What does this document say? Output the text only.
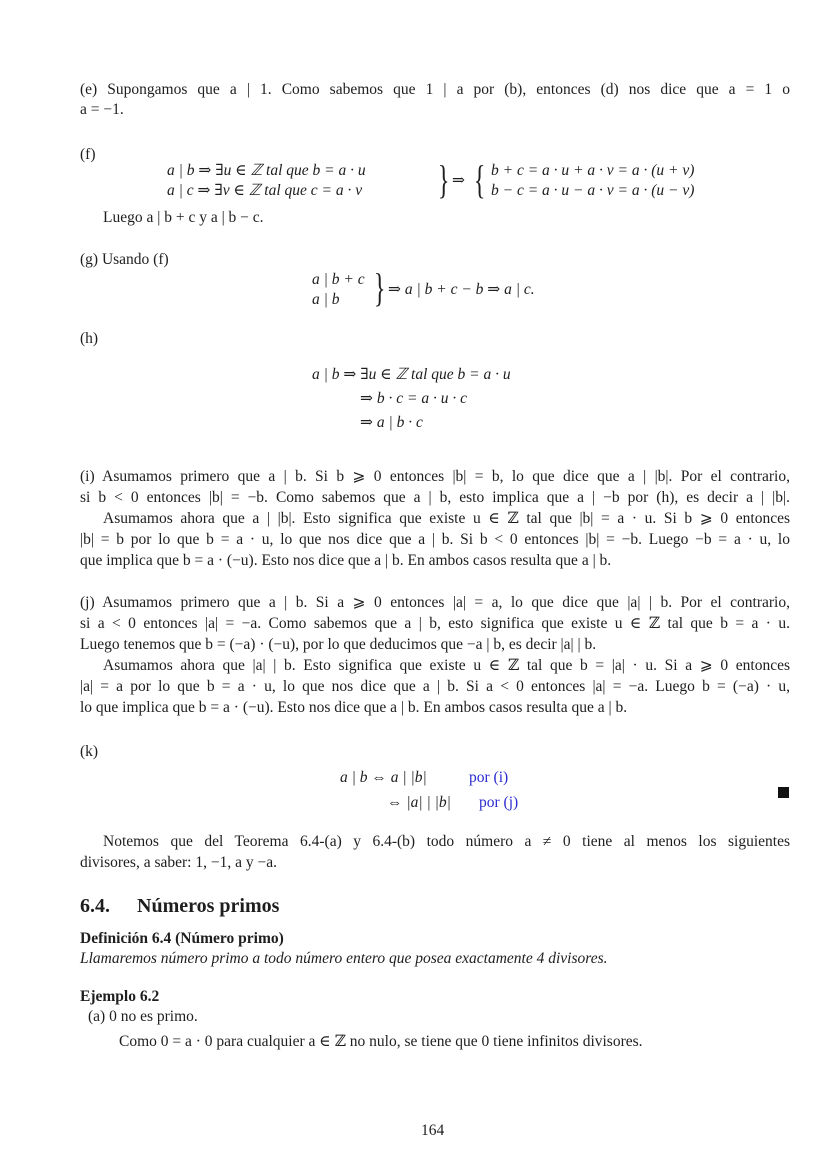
(e) Supongamos que a | 1. Como sabemos que 1 | a por (b), entonces (d) nos dice que a = 1 o
a = −1.
(f)
a | b ⇒ ∃u ∈ ℤ tal que b = a · u
a | c ⇒ ∃v ∈ ℤ tal que c = a · v } ⇒ { b + c = a · u + a · v = a · (u + v)
b − c = a · u − a · v = a · (u − v)
Luego a | b + c y a | b − c.
(g) Usando (f)
a | b + c
a | b } ⇒ a | b + c − b ⇒ a | c.
(h)
a | b ⇒ ∃u ∈ ℤ tal que b = a · u
⇒ b · c = a · u · c
⇒ a | b · c
(i) Asumamos primero que a | b. Si b ⩾ 0 entonces |b| = b, lo que dice que a | |b|. Por el contrario,
si b < 0 entonces |b| = −b. Como sabemos que a | b, esto implica que a | −b por (h), es decir a | |b|.
Asumamos ahora que a | |b|. Esto significa que existe u ∈ ℤ tal que |b| = a · u. Si b ⩾ 0 entonces
|b| = b por lo que b = a · u, lo que nos dice que a | b. Si b < 0 entonces |b| = −b. Luego −b = a · u, lo
que implica que b = a · (−u). Esto nos dice que a | b. En ambos casos resulta que a | b.
(j) Asumamos primero que a | b. Si a ⩾ 0 entonces |a| = a, lo que dice que |a| | b. Por el contrario,
si a < 0 entonces |a| = −a. Como sabemos que a | b, esto significa que existe u ∈ ℤ tal que b = a · u.
Luego tenemos que b = (−a) · (−u), por lo que deducimos que −a | b, es decir |a| | b.
Asumamos ahora que |a| | b. Esto significa que existe u ∈ ℤ tal que b = |a| · u. Si a ⩾ 0 entonces
|a| = a por lo que b = a · u, lo que nos dice que a | b. Si a < 0 entonces |a| = −a. Luego b = (−a) · u,
lo que implica que b = a · (−u). Esto nos dice que a | b. En ambos casos resulta que a | b.
(k)
a | b ⇔ a | |b|	por (i)
⇔ |a| | |b| por (j)
Notemos que del Teorema 6.4-(a) y 6.4-(b) todo número a ≠ 0 tiene al menos los siguientes
divisores, a saber: 1, −1, a y −a.
6.4. Números primos
Definición 6.4 (Número primo)
Llamaremos número primo a todo número entero que posea exactamente 4 divisores.
Ejemplo 6.2
(a) 0 no es primo.
Como 0 = a · 0 para cualquier a ∈ ℤ no nulo, se tiene que 0 tiene infinitos divisores.
164
